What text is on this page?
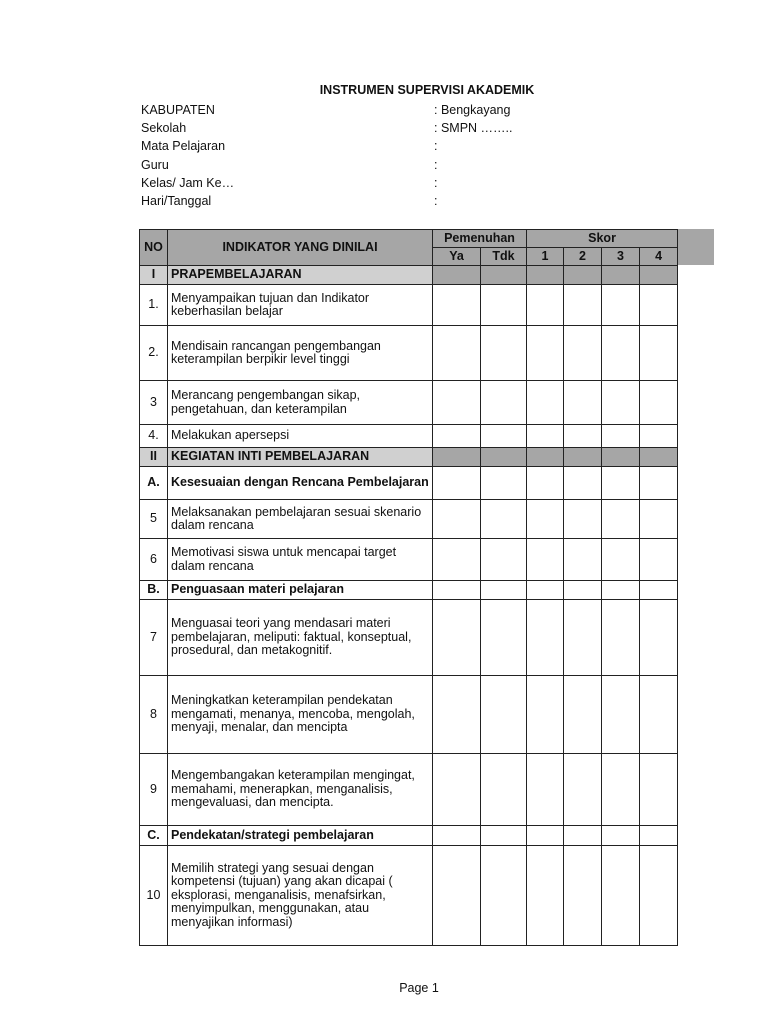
INSTRUMEN SUPERVISI AKADEMIK
KABUPATEN	: Bengkayang
Sekolah	: SMPN ……..
Mata Pelajaran	:
Guru	:
Kelas/ Jam Ke…	:
Hari/Tanggal	:
NO	INDIKATOR YANG DINILAI	Pemenuhan		Skor			
		Ya	Tdk	1	2	3	4
I	PRAPEMBELAJARAN						
1.	Menyampaikan tujuan dan Indikator keberhasilan belajar						
2.	Mendisain rancangan pengembangan keterampilan berpikir level tinggi						
3	Merancang pengembangan sikap, pengetahuan, dan keterampilan						
4.	Melakukan apersepsi						
II	KEGIATAN INTI PEMBELAJARAN						
A.	Kesesuaian dengan Rencana Pembelajaran						
5	Melaksanakan pembelajaran sesuai skenario dalam rencana						
6	Memotivasi siswa untuk mencapai target dalam rencana						
B.	Penguasaan materi pelajaran						
7	Menguasai teori yang mendasari materi pembelajaran, meliputi: faktual, konseptual, prosedural, dan metakognitif.						
8	Meningkatkan keterampilan pendekatan mengamati, menanya, mencoba, mengolah, menyaji, menalar, dan mencipta						
9	Mengembangakan keterampilan mengingat, memahami, menerapkan, menganalisis, mengevaluasi, dan mencipta.						
C.	Pendekatan/strategi pembelajaran						
10	Memilih strategi yang sesuai dengan kompetensi (tujuan) yang akan dicapai ( eksplorasi, menganalisis, menafsirkan, menyimpulkan, menggunakan, atau menyajikan informasi)						
Page 1
